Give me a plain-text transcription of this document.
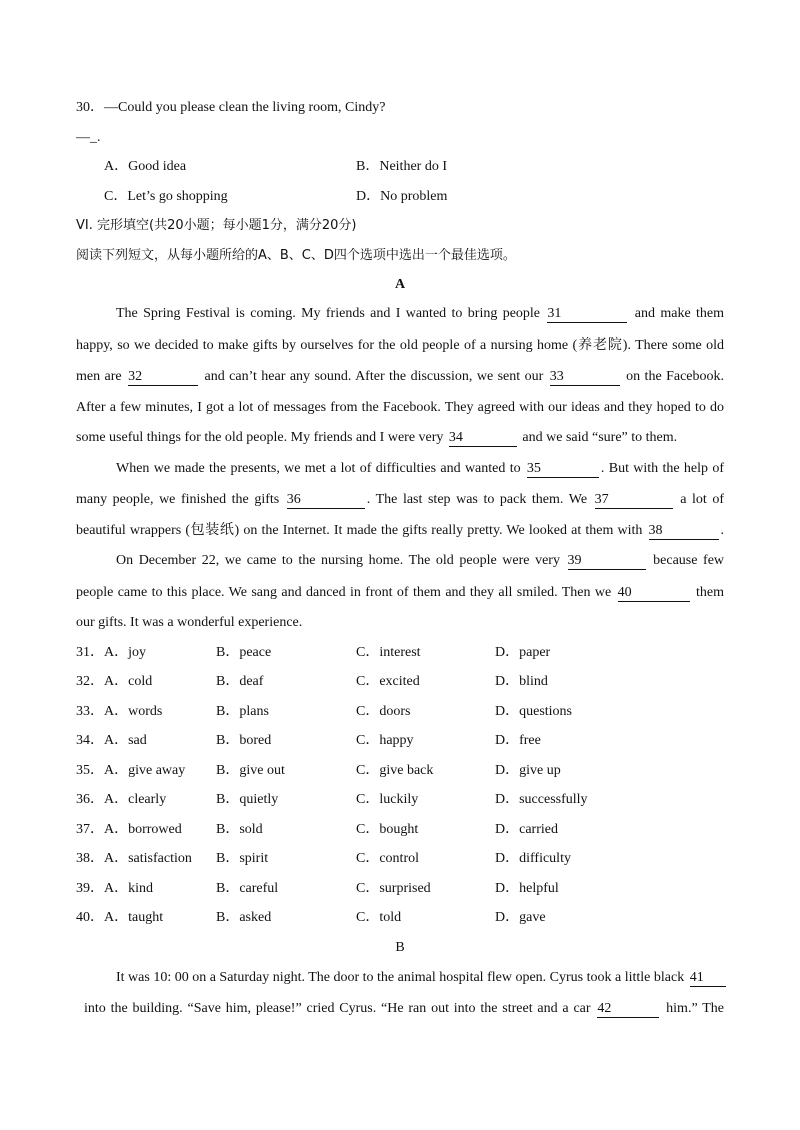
30．—Could you please clean the living room, Cindy?
—_.
A．Good idea	B．Neither do I
C．Let’s go shopping	D．No problem
VI. 完形填空(共20小题；每小题1分，满分20分)
阅读下列短文，从每小题所给的A、B、C、D四个选项中选出一个最佳选项。
A
The Spring Festival is coming. My friends and I wanted to bring people 31	and make them
happy, so we decided to make gifts by ourselves for the old people of a nursing home (养老院). There some old
men are 32	and can’t hear any sound. After the discussion, we sent our 33	on the Facebook.
After a few minutes, I got a lot of messages from the Facebook. They agreed with our ideas and they hoped to do
some useful things for the old people. My friends and I were very 34	and we said “sure” to them.
When we made the presents, we met a lot of difficulties and wanted to 35	. But with the help of
many people, we finished the gifts 36	. The last step was to pack them. We 37	a lot of
beautiful wrappers (包装纸) on the Internet. It made the gifts really pretty. We looked at them with 38	.
On December 22, we came to the nursing home. The old people were very 39	because few
people came to this place. We sang and danced in front of them and they all smiled. Then we 40	them
our gifts. It was a wonderful experience.
31． A．joy	B．peace	C．interest	D．paper
32． A．cold	B．deaf	C．excited	D．blind
33． A．words	B．plans	C．doors	D．questions
34． A．sad	B．bored	C．happy	D．free
35． A．give away B．give out	C．give back	D．give up
36． A．clearly	B．quietly	C．luckily	D．successfully
37． A．borrowed B．sold	C．bought	D．carried
38． A．satisfaction B．spirit	C．control	D．difficulty
39． A．kind	B．careful	C．surprised	D．helpful
40． A．taught	B．asked	C．told	D．gave
B
It was 10: 00 on a Saturday night. The door to the animal hospital flew open. Cyrus took a little black 41
into the building. “Save him, please!” cried Cyrus. “He ran out into the street and a car 42	him.” The
